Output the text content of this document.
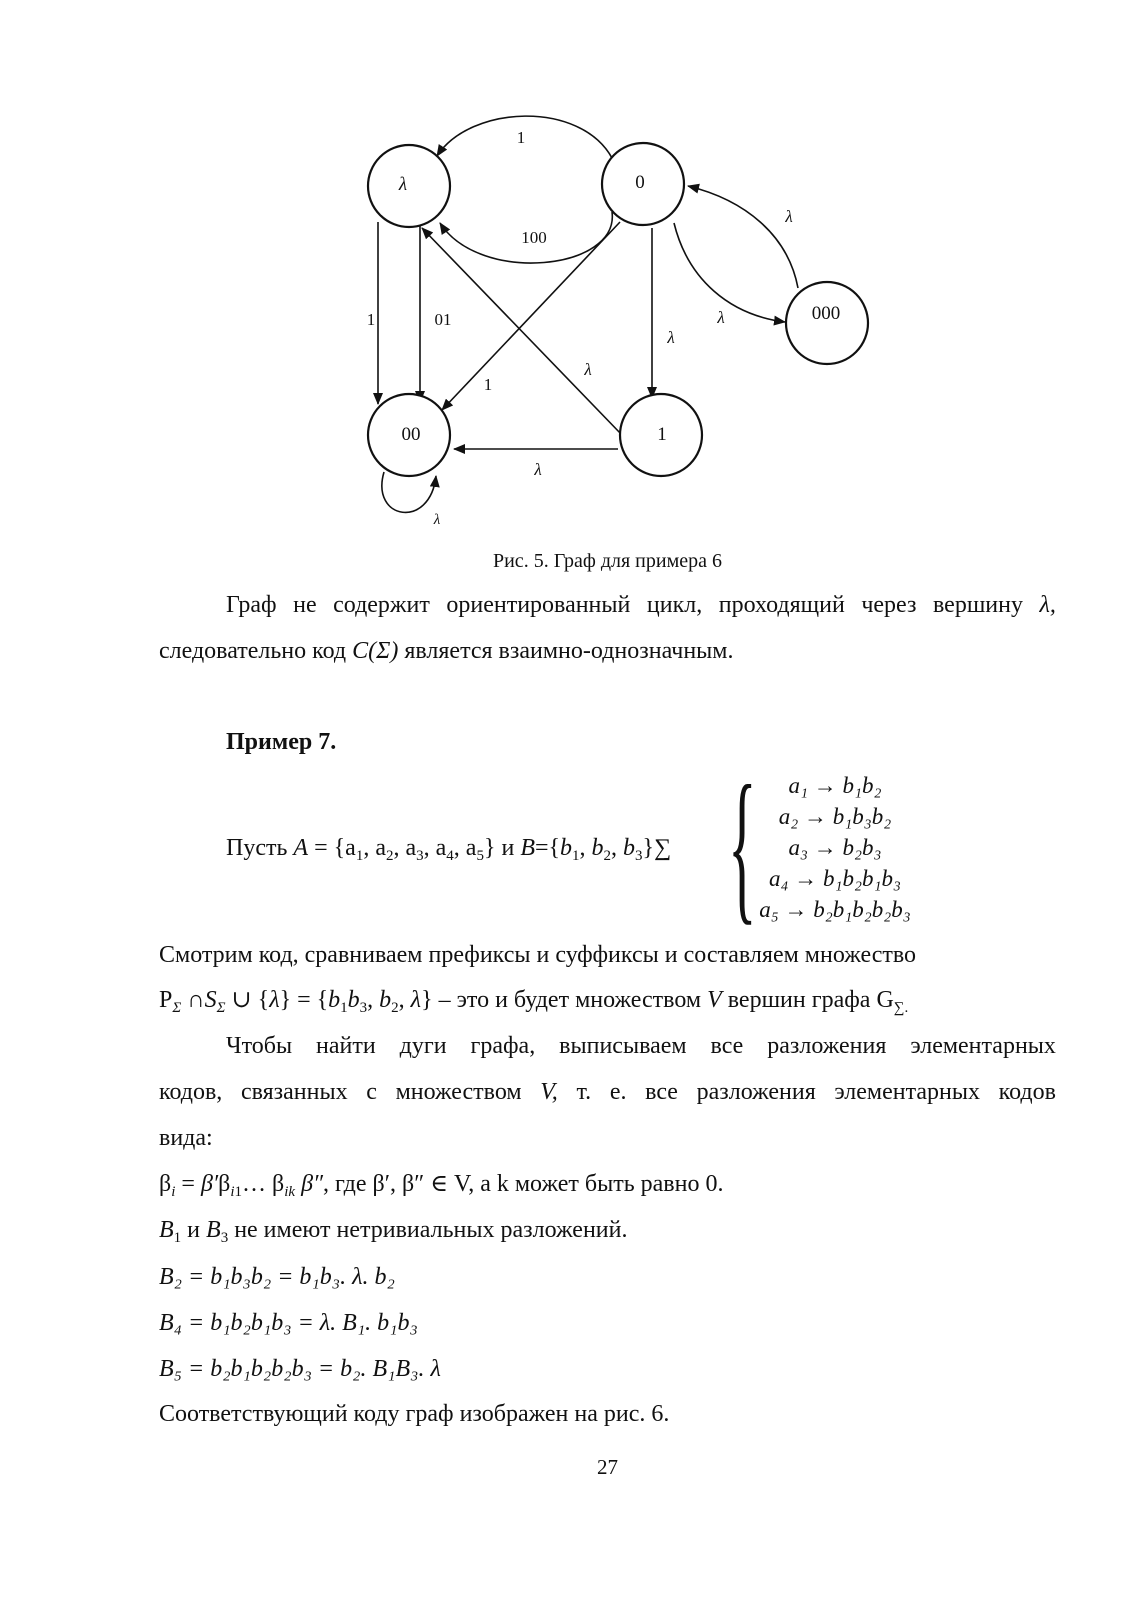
λ	0
000
00	1
1
100
λ
λ
1	01
λ
λ
1
λ
λ
Рис. 5. Граф для примера 6
Граф не содержит ориентированный цикл, проходящий через вершину λ,
следовательно код C(Σ) является взаимно-однозначным.
Пример 7.
Пусть $A = \{a_1$, $a_2$, $a_3$, $a_4$, $a_5$} и $B=\{b_1$, $b_2$, $b_3\}\sum$ {	a₁ → b₁b₂
a₂ → b₁b₃b₂
a₃ → b₂b₃
a₄ → b₁b₂b₁b₃
a₅ → b₂b₁b₂b₂b₃
Смотрим код, сравниваем префиксы и суффиксы и составляем множество
$P_\Sigma$ $\cap S_\Sigma$ ∪ $\{\lambda\} = \{b_1b_3$, $b_2$, λ} – это и будет множеством V вершин графа $G_{\sum.}$
Чтобы найти дуги графа, выписываем все разложения элементарных
кодов, связанных с множеством V, т. е. все разложения элементарных кодов
вида:
$\beta_i$ = $\beta'\beta_{i1}\dots$ $\beta_{ik}$ β″, где β′, β″ ∈ V, а k может быть равно 0.
$B_1$ и $B_3$ не имеют нетривиальных разложений.
B₂ = b₁b₃b₂ = b₁b₃. λ. b₂
B₄ = b₁b₂b₁b₃ = λ. B₁. b₁b₃
B₅ = b₂b₁b₂b₂b₃ = b₂. B₁B₃. λ
Соответствующий коду граф изображен на рис. 6.
27
